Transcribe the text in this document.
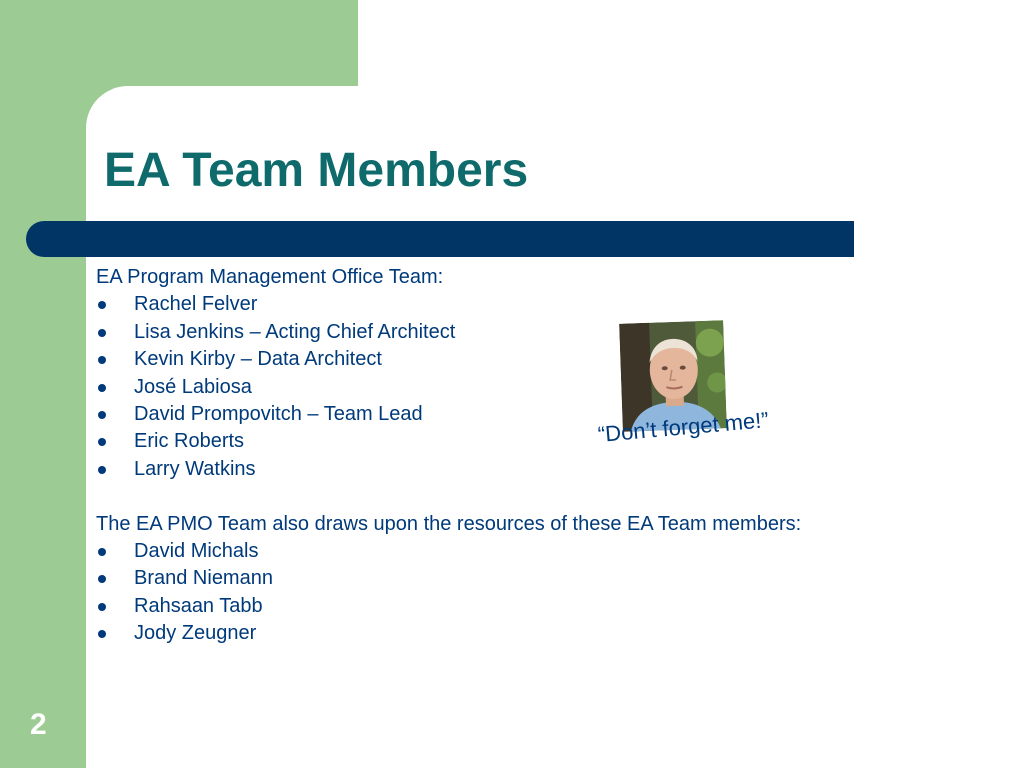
EA Team Members
EA Program Management Office Team:
Rachel Felver
Lisa Jenkins – Acting Chief Architect
Kevin Kirby – Data Architect
José Labiosa
David Prompovitch – Team Lead
Eric Roberts
Larry Watkins
The EA PMO Team also draws upon the resources of these EA Team members:
David Michals
Brand Niemann
Rahsaan Tabb
Jody Zeugner
“Don’t forget me!”
2
